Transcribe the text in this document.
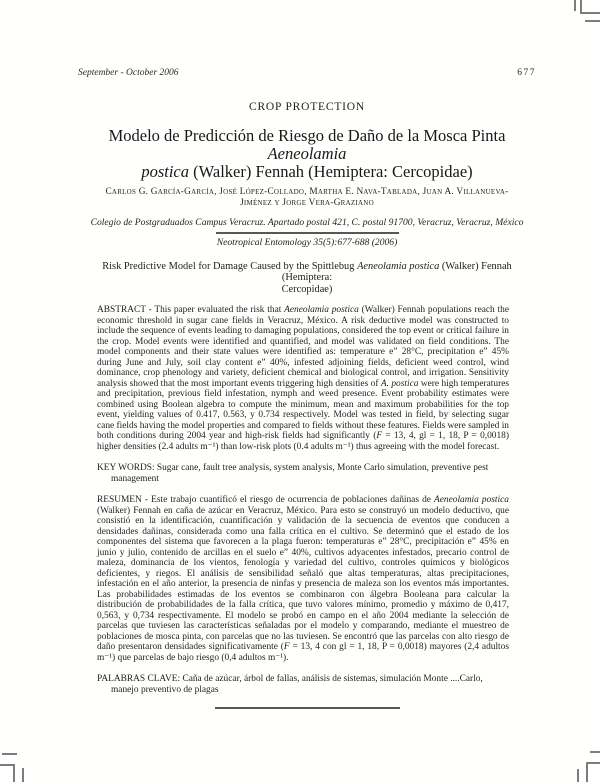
September - October 2006	677
CROP PROTECTION
Modelo de Predicción de Riesgo de Daño de la Mosca Pinta Aeneolamia
postica (Walker) Fennah (Hemiptera: Cercopidae)
Carlos G. García-García, José López-Collado, Martha E. Nava-Tablada, Juan A. Villanueva-
Jiménez y Jorge Vera-Graziano
Colegio de Postgraduados Campus Veracruz. Apartado postal 421, C. postal 91700, Veracruz, Veracruz, México
Neotropical Entomology 35(5):677-688 (2006)
Risk Predictive Model for Damage Caused by the Spittlebug Aeneolamia postica (Walker) Fennah (Hemiptera:
Cercopidae)
ABSTRACT - This paper evaluated the risk that Aeneolamia postica (Walker) Fennah populations reach the economic threshold in sugar cane fields in Veracruz, México. A risk deductive model was constructed to include the sequence of events leading to damaging populations, considered the top event or critical failure in the crop. Model events were identified and quantified, and model was validated on field conditions. The model components and their state values were identified as: temperature e” 28°C, precipitation e” 45% during June and July, soil clay content e” 40%, infested adjoining fields, deficient weed control, wind dominance, crop phenology and variety, deficient chemical and biological control, and irrigation. Sensitivity analysis showed that the most important events triggering high densities of A. postica were high temperatures and precipitation, previous field infestation, nymph and weed presence. Event probability estimates were combined using Boolean algebra to compute the minimum, mean and maximum probabilities for the top event, yielding values of 0.417, 0.563, y 0.734 respectively. Model was tested in field, by selecting sugar cane fields having the model properties and compared to fields without these features. Fields were sampled in both conditions during 2004 year and high-risk fields had significantly (F = 13, 4, gl = 1, 18, P = 0,0018) higher densities (2.4 adults m⁻¹) than low-risk plots (0.4 adults m⁻¹) thus agreeing with the model forecast.
KEY WORDS: Sugar cane, fault tree analysis, system analysis, Monte Carlo simulation, preventive pest management
RESUMEN - Este trabajo cuantificó el riesgo de ocurrencia de poblaciones dañinas de Aeneolamia postica (Walker) Fennah en caña de azúcar en Veracruz, México. Para esto se construyó un modelo deductivo, que consistió en la identificación, cuantificación y validación de la secuencia de eventos que conducen a densidades dañinas, considerada como una falla crítica en el cultivo. Se determinó que el estado de los componentes del sistema que favorecen a la plaga fueron: temperaturas e” 28°C, precipitación e” 45% en junio y julio, contenido de arcillas en el suelo e” 40%, cultivos adyacentes infestados, precario control de maleza, dominancia de los vientos, fenología y variedad del cultivo, controles químicos y biológicos deficientes, y riegos. El análisis de sensibilidad señaló que altas temperaturas, altas precipitaciones, infestación en el año anterior, la presencia de ninfas y presencia de maleza son los eventos más importantes. Las probabilidades estimadas de los eventos se combinaron con álgebra Booleana para calcular la distribución de probabilidades de la falla crítica, que tuvo valores mínimo, promedio y máximo de 0,417, 0,563, y 0,734 respectivamente. El modelo se probó en campo en el año 2004 mediante la selección de parcelas que tuviesen las características señaladas por el modelo y comparando, mediante el muestreo de poblaciones de mosca pinta, con parcelas que no las tuviesen. Se encontró que las parcelas con alto riesgo de daño presentaron densidades significativamente (F = 13, 4 con gl = 1, 18, P = 0,0018) mayores (2,4 adultos m⁻¹) que parcelas de bajo riesgo (0,4 adultos m⁻¹).
PALABRAS CLAVE: Caña de azúcar, árbol de fallas, análisis de sistemas, simulación Monte ....Carlo, manejo preventivo de plagas
